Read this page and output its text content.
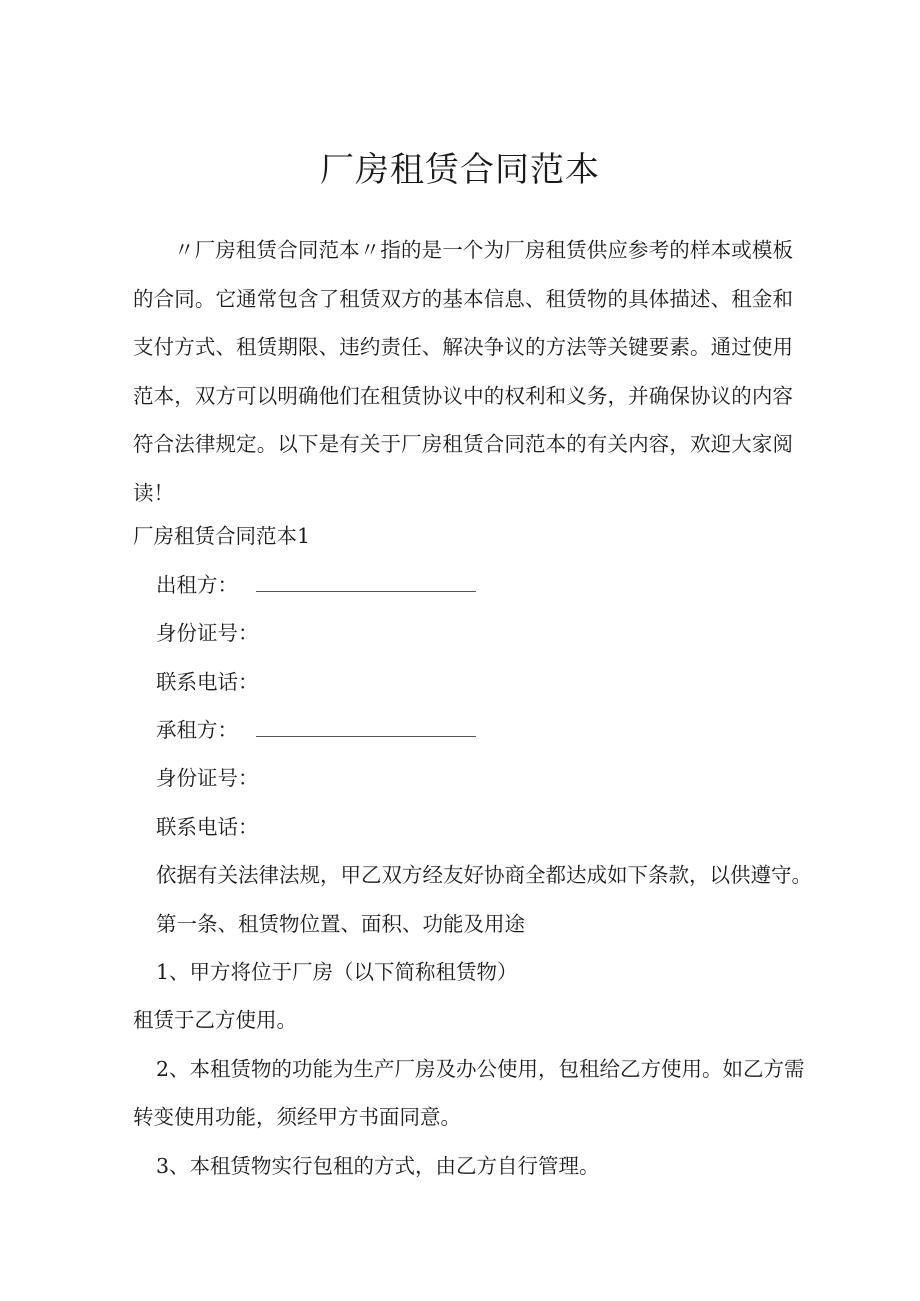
厂房租赁合同范本

〃厂房租赁合同范本〃指的是一个为厂房租赁供应参考的样本或模板的合同。它通常包含了租赁双方的基本信息、租赁物的具体描述、租金和支付方式、租赁期限、违约责任、解决争议的方法等关键要素。通过使用范本，双方可以明确他们在租赁协议中的权利和义务，并确保协议的内容符合法律规定。以下是有关于厂房租赁合同范本的有关内容，欢迎大家阅读！

厂房租赁合同范本1
出租方：
身份证号：
联系电话：
承租方：
身份证号：
联系电话：
依据有关法律法规，甲乙双方经友好协商全都达成如下条款，以供遵守。
第一条、租赁物位置、面积、功能及用途
1、甲方将位于厂房（以下简称租赁物）
租赁于乙方使用。
2、本租赁物的功能为生产厂房及办公使用，包租给乙方使用。如乙方需
转变使用功能，须经甲方书面同意。
3、本租赁物实行包租的方式，由乙方自行管理。
